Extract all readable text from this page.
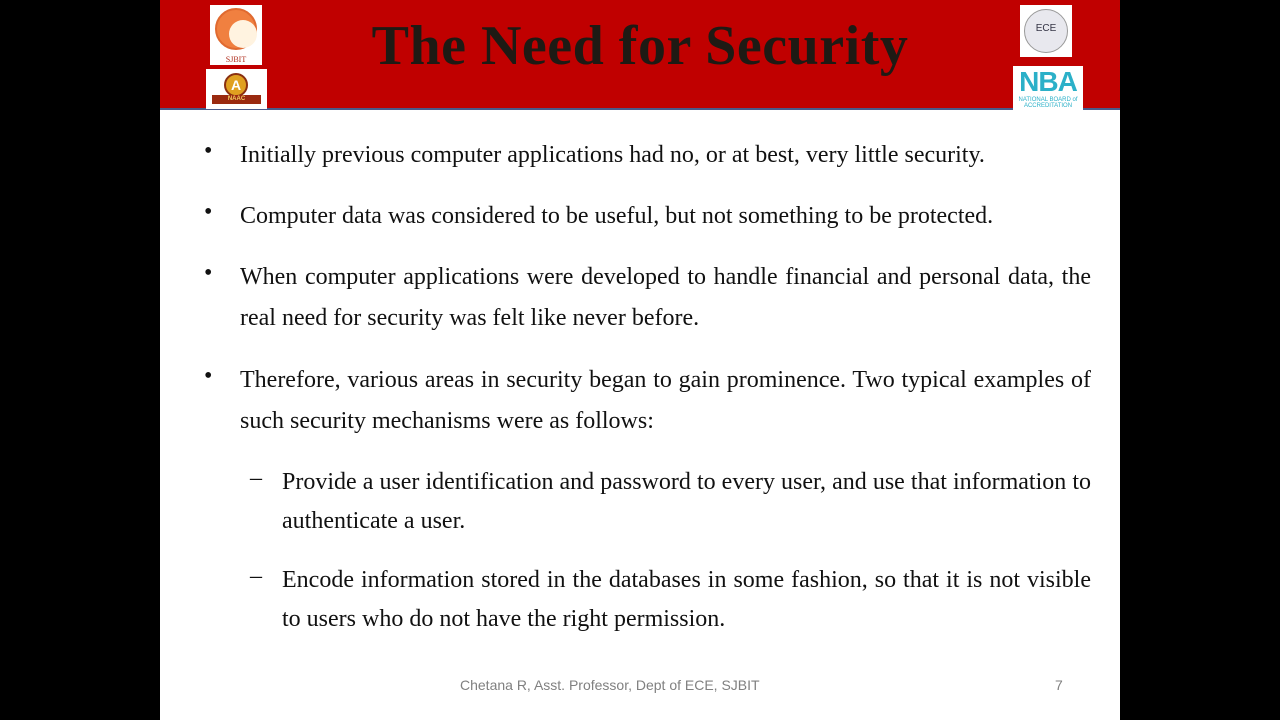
SJBIT
A
NAAC
The Need for Security	ECE
NBA
NATIONAL BOARD of ACCREDITATION
• Initially previous computer applications had no, or at best, very little security.
• Computer data was considered to be useful, but not something to be protected.
• When computer applications were developed to handle financial and personal data, the real need for security was felt like never before.
• Therefore, various areas in security began to gain prominence. Two typical examples of such security mechanisms were as follows:
– Provide a user identification and password to every user, and use that information to authenticate a user.
– Encode information stored in the databases in some fashion, so that it is not visible to users who do not have the right permission.
Chetana R, Asst. Professor, Dept of ECE, SJBIT	7
